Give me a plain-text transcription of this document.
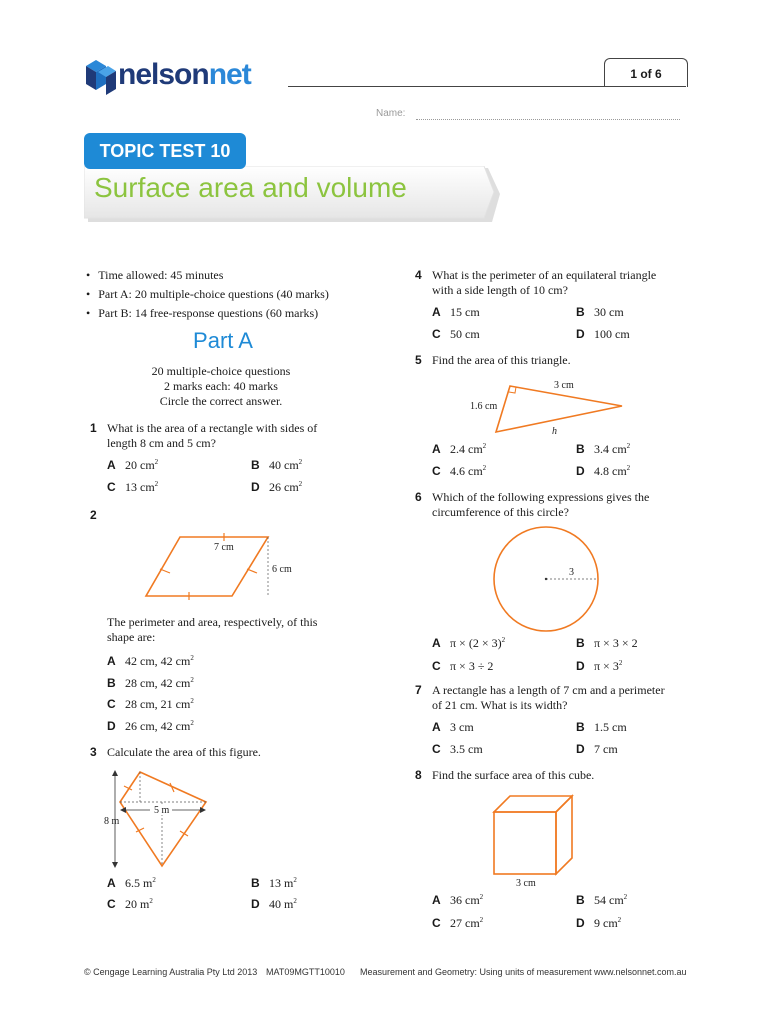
nelsonnet	1 of 6
Name:
TOPIC TEST 10
Surface area and volume
• Time allowed: 45 minutes
• Part A: 20 multiple-choice questions (40 marks)
• Part B: 14 free-response questions (60 marks)
Part A
20 multiple-choice questions
2 marks each: 40 marks
Circle the correct answer.
1 What is the area of a rectangle with sides of
length 8 cm and 5 cm?
A 20 $cm^2$	B 40 $cm^2$
C 13 $cm^2$	D 26 $cm^2$
2
7 cm
6 cm
The perimeter and area, respectively, of this
shape are:
A 42 cm, 42 $cm^2$
B 28 cm, 42 $cm^2$
C 28 cm, 21 $cm^2$
D 26 cm, 42 $cm^2$
3 Calculate the area of this figure.
5 m
8 m
A 6.5 $m^2$	B 13 $m^2$
C 20 $m^2$	D 40 $m^2$
4 What is the perimeter of an equilateral triangle
with a side length of 10 cm?
A 15 cm	B 30 cm
C 50 cm	D 100 cm
5 Find the area of this triangle.
3 cm
1.6 cm
h
A 2.4 $cm^2$	B 3.4 $cm^2$
C 4.6 $cm^2$	D 4.8 $cm^2$
6 Which of the following expressions gives the
circumference of this circle?
3
A $\pi \times (2 \times 3)^2$	B π × 3 × 2
C π × 3 ÷ 2	D $\pi \times 3^2$
7 A rectangle has a length of 7 cm and a perimeter
of 21 cm. What is its width?
A 3 cm	B 1.5 cm
C 3.5 cm	D 7 cm
8 Find the surface area of this cube.
3 cm
A 36 $cm^2$	B 54 $cm^2$
C 27 $cm^2$	D 9 $cm^2$
© Cengage Learning Australia Pty Ltd 2013 MAT09MGTT10010 Measurement and Geometry: Using units of measurement www.nelsonnet.com.au
